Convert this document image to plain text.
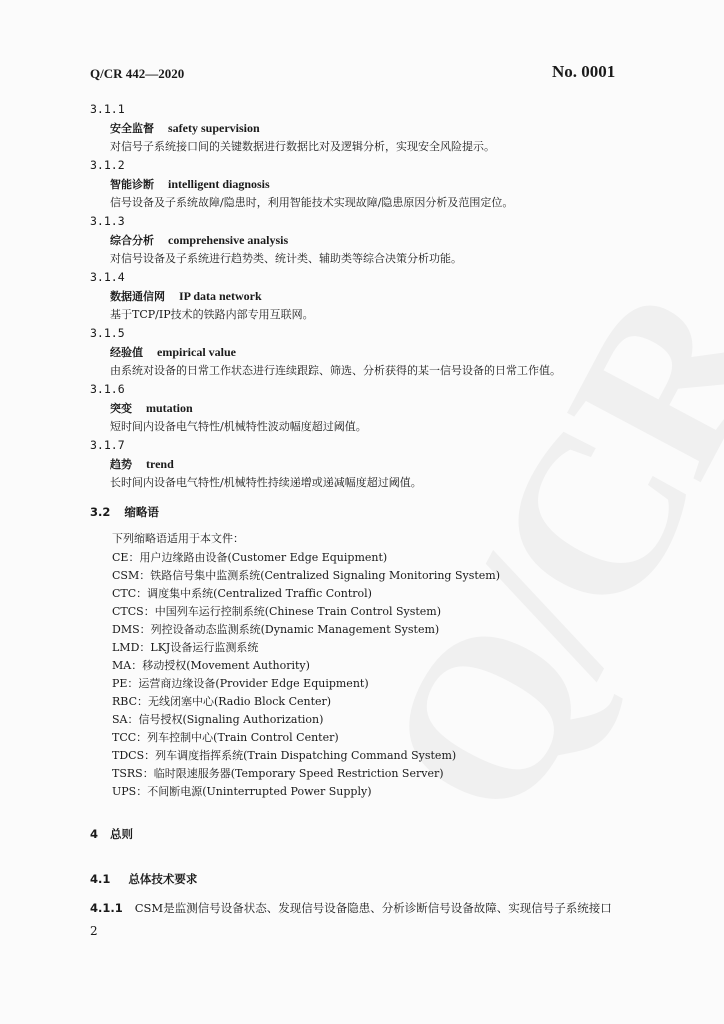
Q/CR 442—2020	No. 0001
3.1.1
安全监督 safety supervision
对信号子系统接口间的关键数据进行数据比对及逻辑分析，实现安全风险提示。
3.1.2
智能诊断 intelligent diagnosis
信号设备及子系统故障/隐患时，利用智能技术实现故障/隐患原因分析及范围定位。
3.1.3
综合分析 comprehensive analysis
对信号设备及子系统进行趋势类、统计类、辅助类等综合决策分析功能。
3.1.4
数据通信网 IP data network
基于TCP/IP技术的铁路内部专用互联网。
3.1.5
经验值 empirical value
由系统对设备的日常工作状态进行连续跟踪、筛选、分析获得的某一信号设备的日常工作值。
3.1.6
突变 mutation
短时间内设备电气特性/机械特性波动幅度超过阈值。
3.1.7
趋势 trend
长时间内设备电气特性/机械特性持续递增或递减幅度超过阈值。
3.2 缩略语
下列缩略语适用于本文件：
CE：用户边缘路由设备(Customer Edge Equipment)
CSM：铁路信号集中监测系统(Centralized Signaling Monitoring System)
CTC：调度集中系统(Centralized Traffic Control)
CTCS：中国列车运行控制系统(Chinese Train Control System)
DMS：列控设备动态监测系统(Dynamic Management System)
LMD：LKJ设备运行监测系统
MA：移动授权(Movement Authority)
PE：运营商边缘设备(Provider Edge Equipment)
RBC：无线闭塞中心(Radio Block Center)
SA：信号授权(Signaling Authorization)
TCC：列车控制中心(Train Control Center)
TDCS：列车调度指挥系统(Train Dispatching Command System)
TSRS：临时限速服务器(Temporary Speed Restriction Server)
UPS：不间断电源(Uninterrupted Power Supply)
4 总则
4.1 总体技术要求
4.1.1 CSM是监测信号设备状态、发现信号设备隐患、分析诊断信号设备故障、实现信号子系统接口
2
